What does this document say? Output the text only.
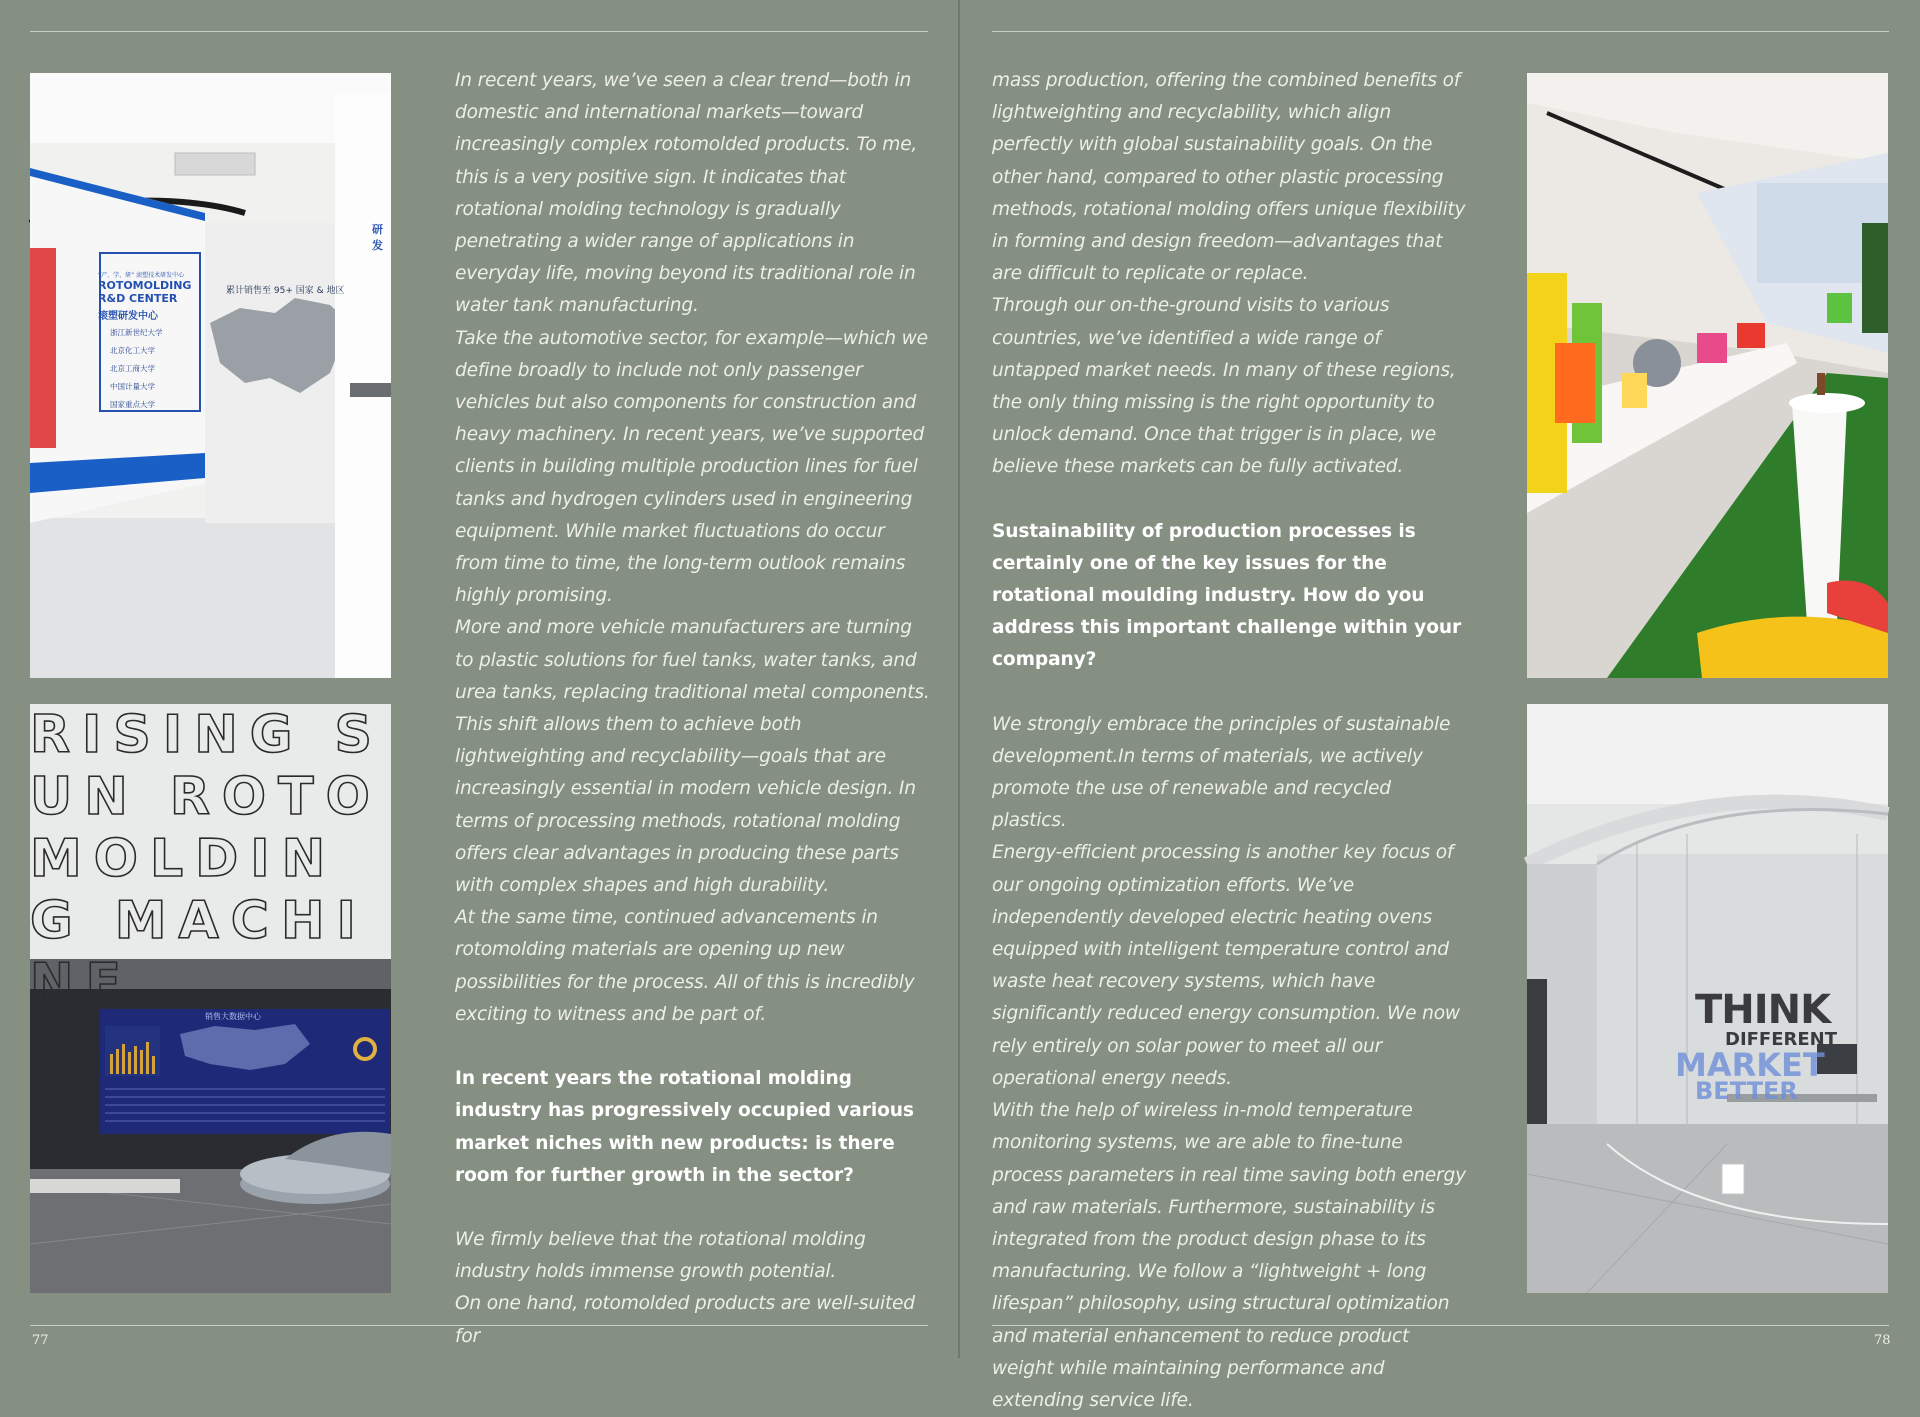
“产、学、研” 滚塑技术研发中心
ROTOMOLDING
R&D CENTER
滚塑研发中心
浙江新世纪大学
北京化工大学
北京工商大学
中国计量大学
国家重点大学
累计销售至 95+ 国家 & 地区
研发
RISING SUN ROTOMOLDING MACHINE
销售大数据中心	THINK
DIFFERENT
MARKET
BETTER

In recent years, we’ve seen a clear trend—both in domestic and international markets—toward increasingly complex rotomolded products. To me, this is a very positive sign. It indicates that rotational molding technology is gradually penetrating a wider range of applications in everyday life, moving beyond its traditional role in water tank manufacturing.

Take the automotive sector, for example—which we define broadly to include not only passenger vehicles but also components for construction and heavy machinery. In recent years, we’ve supported clients in building multiple production lines for fuel tanks and hydrogen cylinders used in engineering equipment. While market fluctuations do occur from time to time, the long-term outlook remains highly promising.

More and more vehicle manufacturers are turning to plastic solutions for fuel tanks, water tanks, and urea tanks, replacing traditional metal components. This shift allows them to achieve both lightweighting and recyclability—goals that are increasingly essential in modern vehicle design. In terms of processing methods, rotational molding offers clear advantages in producing these parts with complex shapes and high durability.

At the same time, continued advancements in rotomolding materials are opening up new possibilities for the process. All of this is incredibly exciting to witness and be part of.

In recent years the rotational molding industry has progressively occupied various market niches with new products: is there room for further growth in the sector?

We firmly believe that the rotational molding industry holds immense growth potential.

On one hand, rotomolded products are well-suited for

mass production, offering the combined benefits of lightweighting and recyclability, which align perfectly with global sustainability goals. On the other hand, compared to other plastic processing methods, rotational molding offers unique flexibility in forming and design freedom—advantages that are difficult to replicate or replace.

Through our on-the-ground visits to various countries, we’ve identified a wide range of untapped market needs. In many of these regions, the only thing missing is the right opportunity to unlock demand. Once that trigger is in place, we believe these markets can be fully activated.

Sustainability of production processes is certainly one of the key issues for the rotational moulding industry. How do you address this important challenge within your company?

We strongly embrace the principles of sustainable development.In terms of materials, we actively promote the use of renewable and recycled plastics.

Energy-efficient processing is another key focus of our ongoing optimization efforts. We’ve independently developed electric heating ovens equipped with intelligent temperature control and waste heat recovery systems, which have significantly reduced energy consumption. We now rely entirely on solar power to meet all our operational energy needs.

With the help of wireless in-mold temperature monitoring systems, we are able to fine-tune process parameters in real time saving both energy and raw materials. Furthermore, sustainability is integrated from the product design phase to its manufacturing. We follow a “lightweight + long lifespan” philosophy, using structural optimization and material enhancement to reduce product weight while maintaining performance and extending service life.

77	78
